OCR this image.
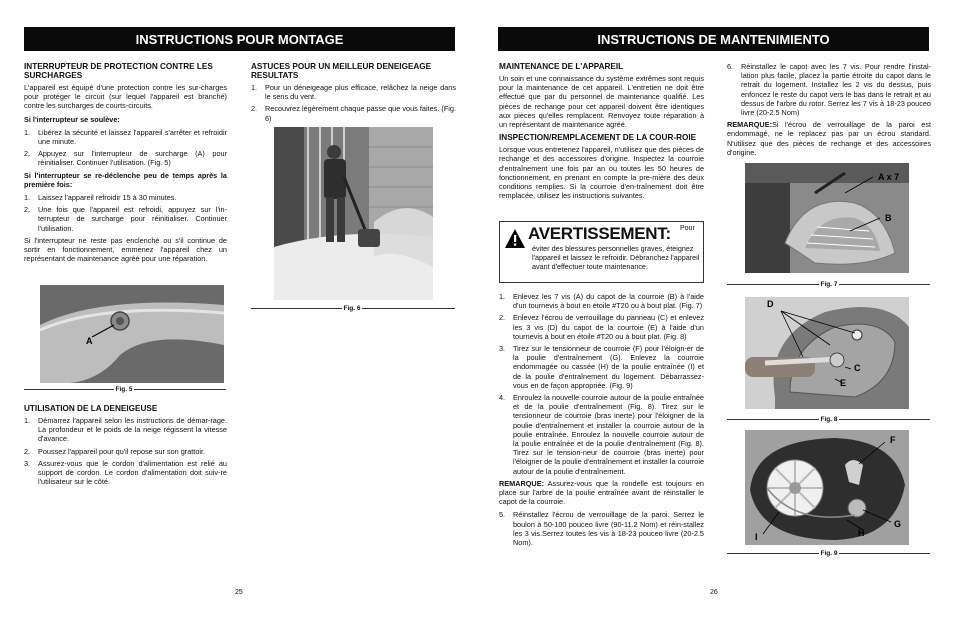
INSTRUCTIONS POUR MONTAGE
INTERRUPTEUR DE PROTECTION CONTRE LES SURCHARGES
L'appareil est équipé d'une protection contre les sur-charges pour protéger le circuit (sur lequel l'appareil est branché) contre les surcharges de courts-circuits.
Si l'interrupteur se soulève:
1.	Libérez la sécurité et laissez l'appareil s'arrêter et refroidir une minute.
2.	Appuyez sur l'interrupteur de surcharge (A) pour réinitialiser. Continuer l'utilisation. (Fig. 5)
Si l'interrupteur se re-déclenche peu de temps après la première fois:
1.	Laissez l'appareil refroidir 15 à 30 minutes.
2.	Une fois que l'appareil est refroidi, appuyez sur l'in-terrupteur de surcharge pour réinitialiser. Continuer l'utilisation.
Si l'interrupteur ne reste pas enclenché ou s'il continue de sortir en fonctionnement, emmenez l'appareil chez un représentant de maintenance agréé pour une réparation.
A
Fig. 5
UTILISATION DE LA DENEIGEUSE
1.	Démarrez l'appareil selon les instructions de démar-rage. La profondeur et le poids de la neige régissent la vitesse d'avance.
2.	Poussez l'appareil pour qu'il repose sur son grattoir.
3.	Assurez-vous que le cordon d'alimentation est relié au support de cordon. Le cordon d'alimentation doit suiv-re l'utilisateur sur le côté.
ASTUCES POUR UN MEILLEUR DENEIGEAGE RESULTATS
1.	Pour un déneigeage plus efficace, relâchez la neige dans le sens du vent.
2.	Recouvrez légèrement chaque passe que vous faites. (Fig. 6)
Fig. 6
25
INSTRUCTIONS DE MANTENIMIENTO
MAINTENANCE DE L'APPAREIL
Un soin et une connaissance du système extrêmes sont requis pour la maintenance de cet appareil. L'entretien ne doit être effectué que par du personnel de maintenance qualifié. Les pièces de rechange pour cet appareil doivent être identiques aux pièces qu'elles remplacent. Renvoyez toute réparation à un représentant de maintenance agréé.
INSPECTION/REMPLACEMENT DE LA COUR-ROIE
Lorsque vous entretenez l'appareil, n'utilisez que des pièces de rechange et des accessoires d'origine. Inspectez la courroie d'entraînement une fois par an ou toutes les 50 heures de fonctionnement, en prenant en compte la pre-mière des deux conditions remplies. Si la courroie d'en-traînement doit être remplacée, utilisez les instructions suivantes.
AVERTISSEMENT: Pour
éviter des blessures personnelles graves, éteignez l'appareil et laissez le refroidir. Débranchez l'appareil avant d'effectuer toute maintenance.
1.	Enlevez les 7 vis (A) du capot de la courroie (B) à l'aide d'un tournevis à bout en étoile #T20 ou à bout plat. (Fig. 7)
2.	Enlevez l'écrou de verrouillage du panneau (C) et enlevez les 3 vis (D) du capot de la courroie (E) à l'aide d'un tournevis à bout en étoile #T20 ou à bout plat. (Fig. 8)
3.	Tirez sur le tensionneur de courroie (F) pour l'éloign-er de la poulie d'entraînement (G). Enlevez la courroie endommagée ou cassée (H) de la poulie entraînée (I) et de la poulie d'entraînement du logement. Débarrassez-vous en de façon appropriée. (Fig. 9)
4.	Enroulez la nouvelle courroie autour de la poulie entraînée et de la poulie d'entraînement (Fig. 8). Tirez sur le tensionneur de courroie (bras inerte) pour l'éloigner de la poulie d'entraînement et installer la courroie autour de la poulie entraînée. Enroulez la nouvelle courroie autour de la poulie entraînée et de la poulie d'entraînement (Fig. 8). Tirez sur le tension-neur de courroie (bras inerte) pour l'éloigner de la poulie d'entraînement et installer la courroie autour de la poulie d'entraînement.
REMARQUE: Assurez-vous que la rondelle est toujours en place sur l'arbre de la poulie entraînée avant de réinstaller le capot de la courroie.
5.	Réinstallez l'écrou de verrouillage de la paroi. Serrez le boulon à 50-100 pouceo livre (90-11.2 Nom) et réin-stallez les 3 vis.Serrez toutes les vis à 18-23 pouceo livre (20-2.5 Nom).
6.	Réinstallez le capot avec les 7 vis. Pour rendre l'instal-lation plus facile, placez la partie étroite du capot dans le retrait du logement. Installez les 2 vis du dessus, puis enfoncez le reste du capot vers le bas dans le retrait et au dessus de l'arbre du rotor. Serrez les 7 vis à 18-23 pouceo livre (20-2.5 Nom)
REMARQUE:Si l'écrou de verrouillage de la paroi est endommagé, ne le replacez pas par un écrou standard. N'utilisez que des pièces de rechange et des accessoires d'origine.
A x 7
B
Fig. 7
D
C
E
Fig. 8
F
G
H
I
Fig. 9
26
